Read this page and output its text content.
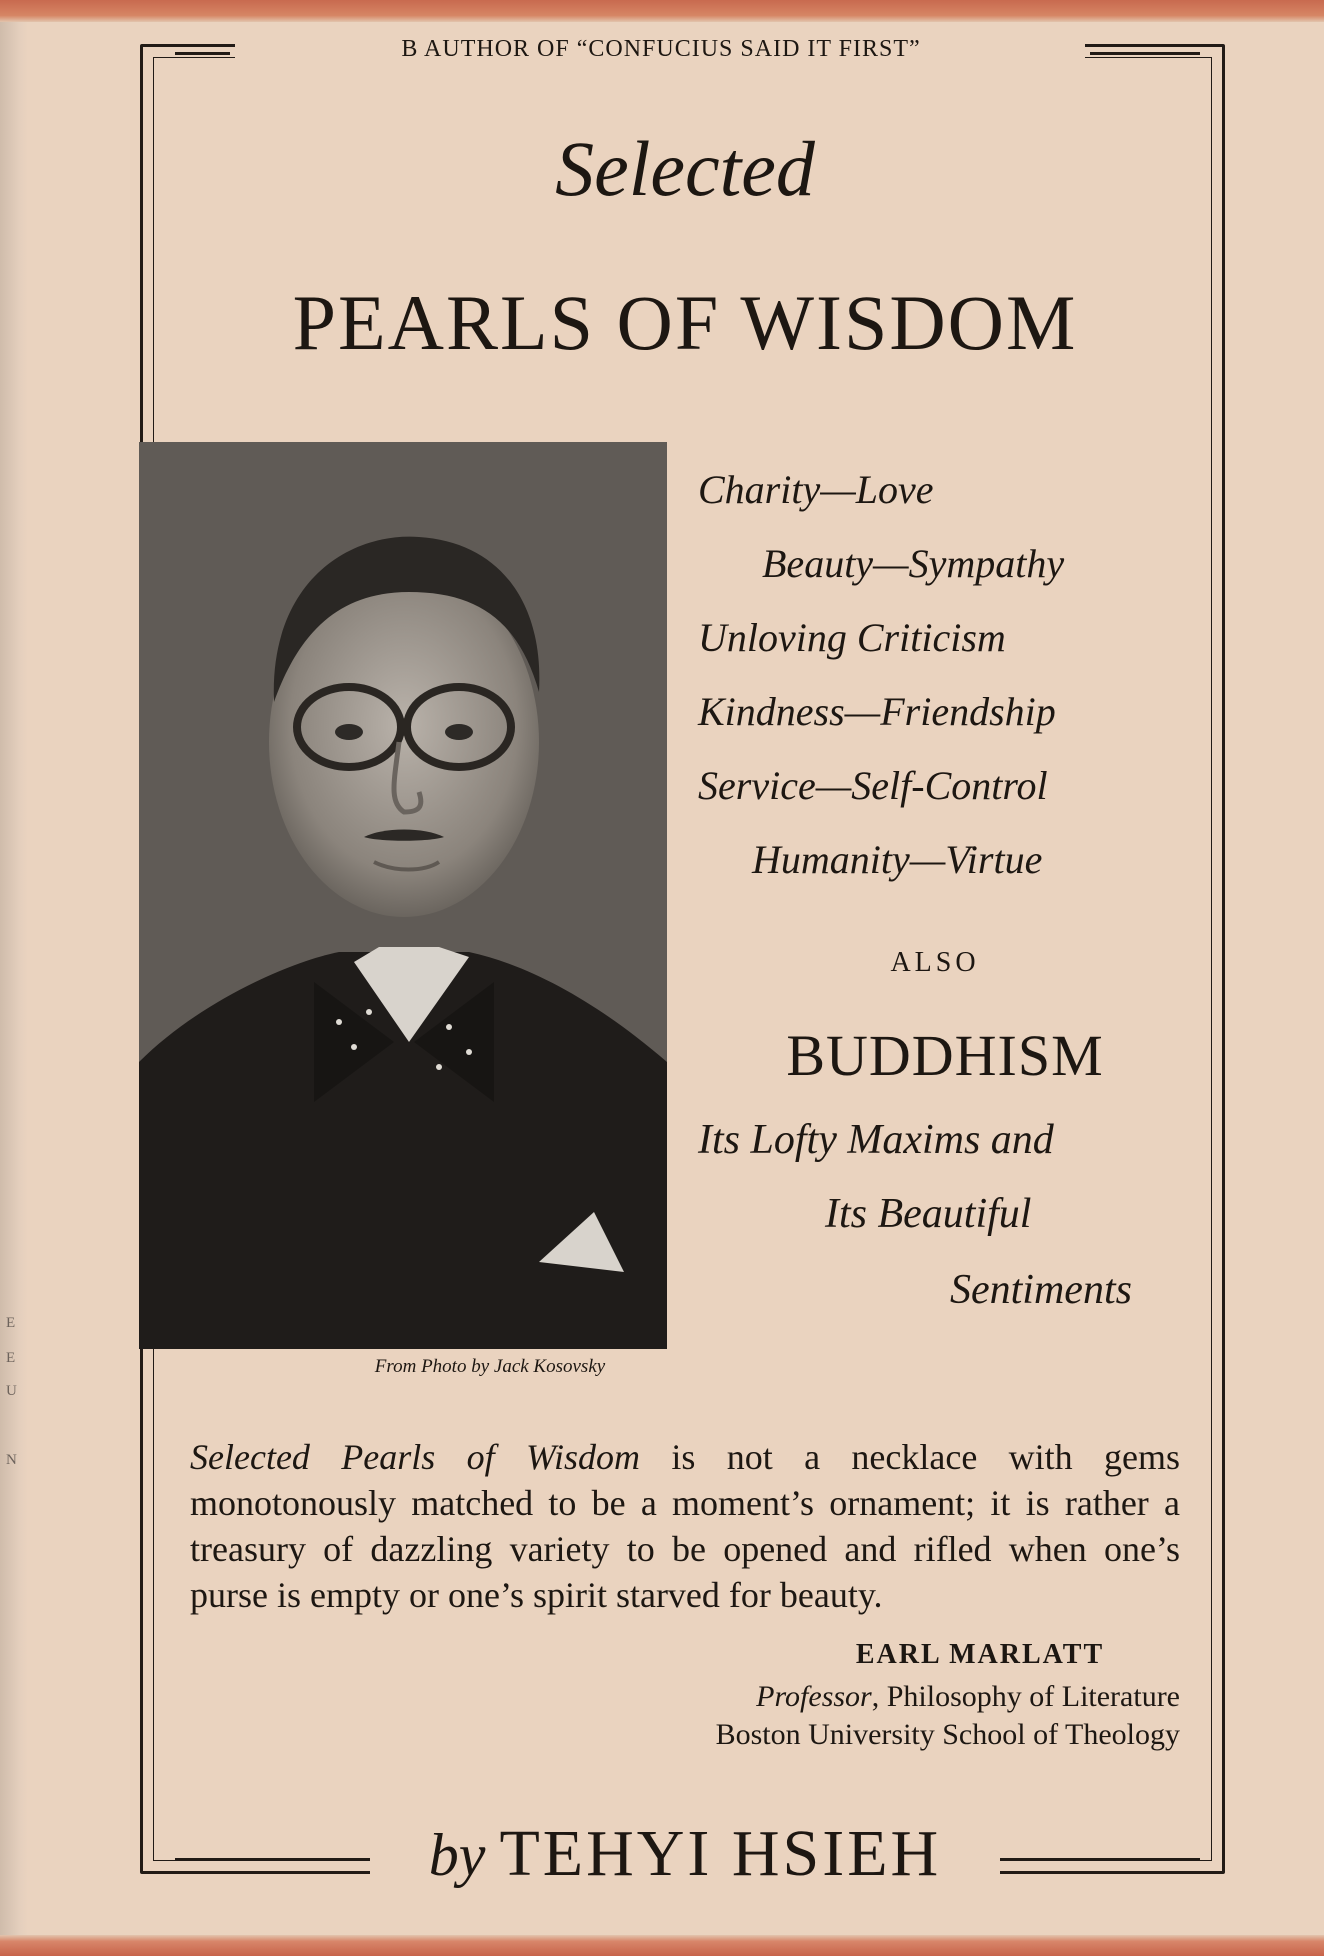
E
E
U
N
B AUTHOR OF “CONFUCIUS SAID IT FIRST”
Selected
PEARLS OF WISDOM
From Photo by Jack Kosovsky
Charity—Love
Beauty—Sympathy
Unloving Criticism
Kindness—Friendship
Service—Self-Control
Humanity—Virtue
ALSO
BUDDHISM
Its Lofty Maxims and
Its Beautiful
Sentiments
Selected Pearls of Wisdom is not a necklace with gems monotonously matched to be a moment’s ornament; it is rather a treasury of dazzling variety to be opened and rifled when one’s purse is empty or one’s spirit starved for beauty.
EARL MARLATT
Professor, Philosophy of Literature
Boston University School of Theology
by TEHYI HSIEH
